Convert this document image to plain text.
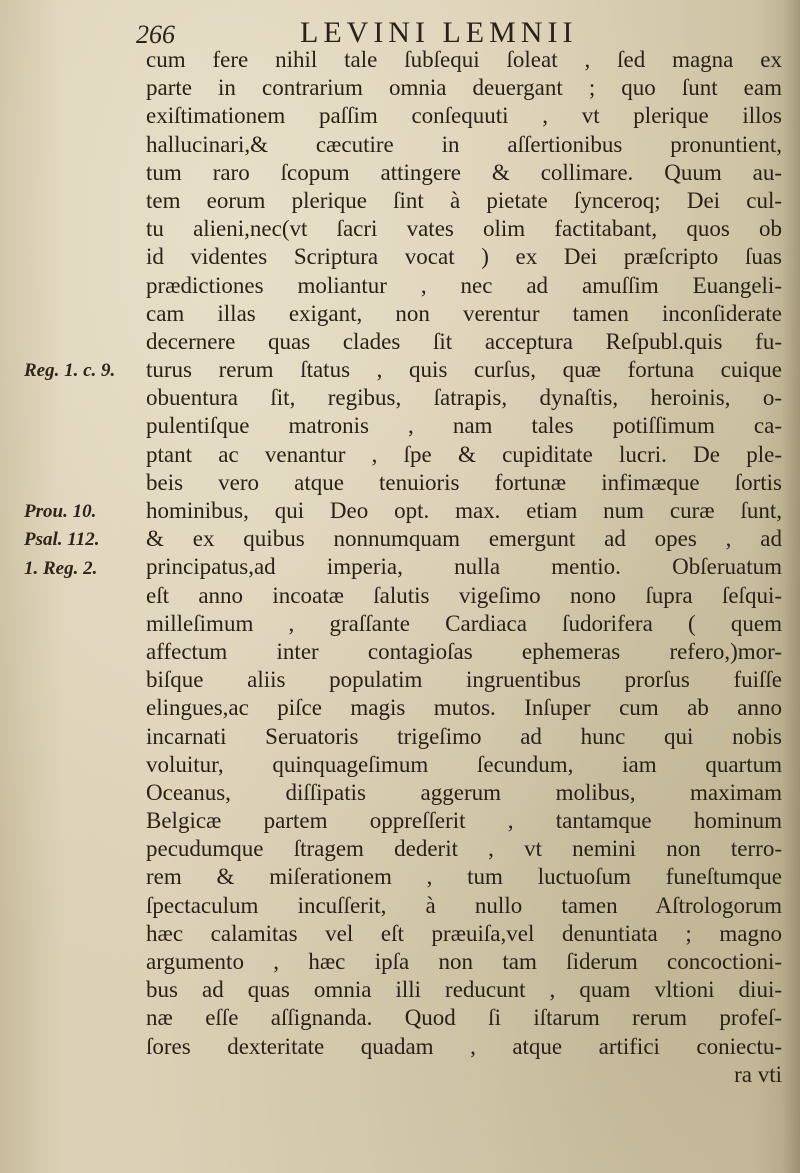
266	LEVINI LEMNII
Reg. 1. c. 9.
Prou. 10.
Psal. 112.
1. Reg. 2.
cum fere nihil tale ſubſequi ſoleat , ſed magna ex
parte in contrarium omnia deuergant ; quo ſunt eam
exiſtimationem paſſim conſequuti , vt plerique illos
hallucinari,& cæcutire in aſſertionibus pronuntient,
tum raro ſcopum attingere & collimare. Quum au-
tem eorum plerique ſint à pietate ſynceroq; Dei cul-
tu alieni,nec(vt ſacri vates olim factitabant, quos ob
id videntes Scriptura vocat ) ex Dei præſcripto ſuas
prædictiones moliantur , nec ad amuſſim Euangeli-
cam illas exigant, non verentur tamen inconſiderate
decernere quas clades ſit acceptura Reſpubl.quis fu-
turus rerum ſtatus , quis curſus, quæ fortuna cuique
obuentura ſit, regibus, ſatrapis, dynaſtis, heroinis, o-
pulentiſque matronis , nam tales potiſſimum ca-
ptant ac venantur , ſpe & cupiditate lucri. De ple-
beis vero atque tenuioris fortunæ infimæque ſortis
hominibus, qui Deo opt. max. etiam num curæ ſunt,
& ex quibus nonnumquam emergunt ad opes , ad
principatus,ad imperia, nulla mentio. Obſeruatum
eſt anno incoatæ ſalutis vigeſimo nono ſupra ſeſqui-
milleſimum , graſſante Cardiaca ſudorifera ( quem
affectum inter contagioſas ephemeras refero,)mor-
biſque aliis populatim ingruentibus prorſus fuiſſe
elingues,ac piſce magis mutos. Inſuper cum ab anno
incarnati Seruatoris trigeſimo ad hunc qui nobis
voluitur, quinquageſimum ſecundum, iam quartum
Oceanus, diſſipatis aggerum molibus, maximam
Belgicæ partem oppreſſerit , tantamque hominum
pecudumque ſtragem dederit , vt nemini non terro-
rem & miſerationem , tum luctuoſum funeſtumque
ſpectaculum incuſſerit, à nullo tamen Aſtrologorum
hæc calamitas vel eſt præuiſa,vel denuntiata ; magno
argumento , hæc ipſa non tam ſiderum concoctioni-
bus ad quas omnia illi reducunt , quam vltioni diui-
næ eſſe aſſignanda. Quod ſi iſtarum rerum profeſ-
ſores dexteritate quadam , atque artifici coniectu-
ra vti
